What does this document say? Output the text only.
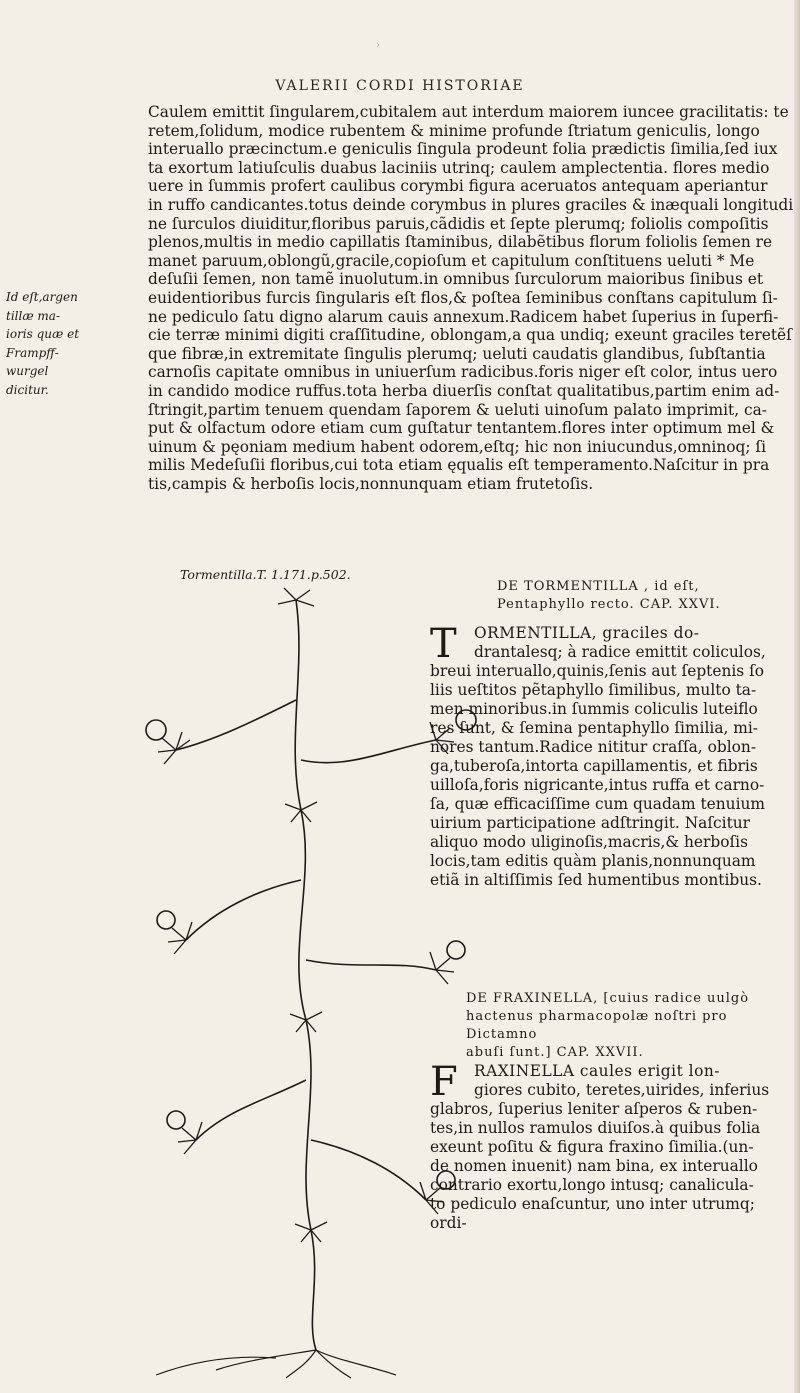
›
VALERII CORDI HISTORIAE
Caulem emittit ſingularem,cubitalem aut interdum maiorem iuncee gracilitatis: te
retem,ſolidum, modice rubentem & minime profunde ſtriatum geniculis, longo
interuallo præcinctum.e geniculis ſingula prodeunt folia prædictis ſimilia,ſed iux
ta exortum latiuſculis duabus laciniis utrinq; caulem amplectentia. flores medio
uere in ſummis profert caulibus corymbi figura aceruatos antequam aperiantur
in ruffo candicantes.totus deinde corymbus in plures graciles & inæquali longitudi
ne ſurculos diuiditur,floribus paruis,cãdidis et ſepte plerumq; foliolis compoſitis
plenos,multis in medio capillatis ſtaminibus, dilabẽtibus florum foliolis ſemen re
manet paruum,oblongũ,gracile,copioſum et capitulum conſtituens ueluti * Me
deſuſii ſemen, non tamẽ inuolutum.in omnibus ſurculorum maioribus ſinibus et
euidentioribus furcis ſingularis eſt flos,& poſtea ſeminibus conſtans capitulum ſi-
ne pediculo ſatu digno alarum cauis annexum.Radicem habet ſuperius in ſuperfi-
cie terræ minimi digiti craſſitudine, oblongam,a qua undiq; exeunt graciles teretẽſ
que fibræ,in extremitate ſingulis plerumq; ueluti caudatis glandibus, ſubſtantia
carnoſis capitate omnibus in uniuerſum radicibus.foris niger eſt color, intus uero
in candido modice ruffus.tota herba diuerſis conſtat qualitatibus,partim enim ad-
ſtringit,partim tenuem quendam ſaporem & ueluti uinoſum palato imprimit, ca-
put & olfactum odore etiam cum guſtatur tentantem.flores inter optimum mel &
uinum & pęoniam medium habent odorem,eſtq; hic non iniucundus,omninoq; ſi
milis Medeſuſii floribus,cui tota etiam ęqualis eſt temperamento.Naſcitur in pra
tis,campis & herboſis locis,nonnunquam etiam frutetoſis.
Id eſt,argen
tillæ ma-
ioris quæ et
Frampff-
wurgel
dicitur.
Tormentilla.T. 1.171.p.502.
DE TORMENTILLA , id eſt,
Pentaphyllo recto. CAP. XXVI.
T	ORMENTILLA, graciles do-
drantalesq; à radice emittit coliculos,
breui interuallo,quinis,ſenis aut ſeptenis ſo
liis ueſtitos pẽtaphyllo ſimilibus, multo ta-
men minoribus.in ſummis coliculis luteiflo
res ſunt, & ſemina pentaphyllo ſimilia, mi-
nores tantum.Radice nititur craſſa, oblon-
ga,tuberoſa,intorta capillamentis, et fibris
uilloſa,foris nigricante,intus ruffa et carno-
ſa, quæ efficaciſſime cum quadam tenuium
uirium participatione adſtringit. Naſcitur
aliquo modo uliginoſis,macris,& herboſis
locis,tam editis quàm planis,nonnunquam
etiã in altiſſimis ſed humentibus montibus.
DE FRAXINELLA, [cuius radice uulgò
hactenus pharmacopolæ noſtri pro Dictamno
abuſi ſunt.] CAP. XXVII.
F	RAXINELLA caules erigit lon-
giores cubito, teretes,uirides, inferius
glabros, ſuperius leniter aſperos & ruben-
tes,in nullos ramulos diuiſos.à quibus folia
exeunt poſitu & figura fraxino ſimilia.(un-
de nomen inuenit) nam bina, ex interuallo
contrario exortu,longo intusq; canalicula-
to pediculo enaſcuntur, uno inter utrumq;
ordi-
